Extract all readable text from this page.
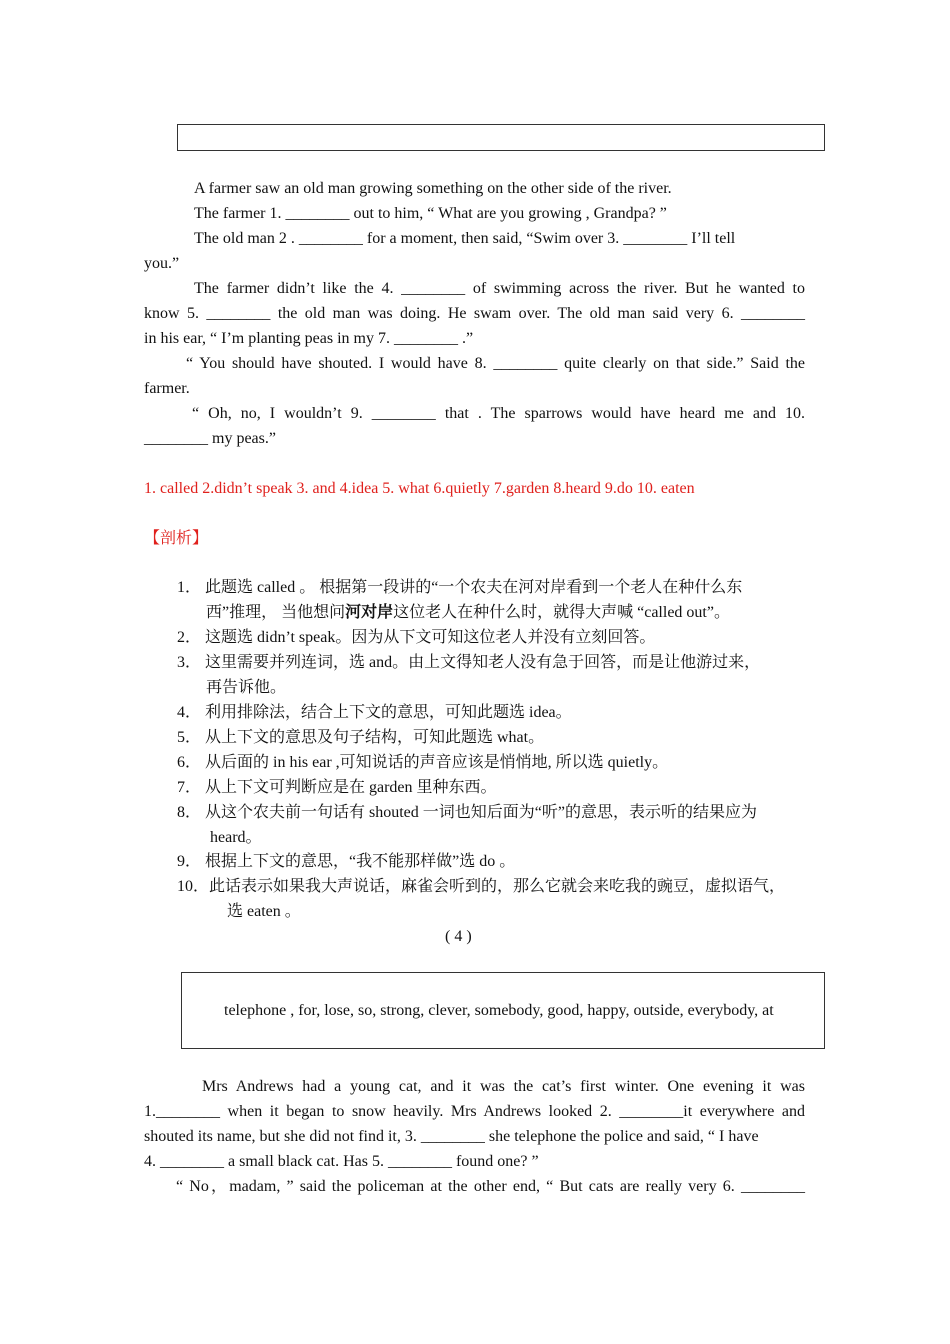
A farmer saw an old man growing something on the other side of the river.
The farmer 1. ________ out to him, “ What are you growing , Grandpa? ”
The old man 2 . ________ for a moment, then said, “Swim over 3. ________ I’ll tell
you.”
The farmer didn’t like the 4. ________ of swimming across the river. But he wanted to
know 5. ________ the old man was doing. He swam over. The old man said very 6. ________
in his ear, “ I’m planting peas in my 7. ________ .”
“ You should have shouted. I would have 8. ________ quite clearly on that side.” Said the
farmer.
“ Oh, no, I wouldn’t 9. ________ that . The sparrows would have heard me and 10.
________ my peas.”
1. called 2.didn’t speak 3. and 4.idea 5. what 6.quietly 7.garden 8.heard 9.do 10. eaten
【剖析】
1． 此题选 called 。 根据第一段讲的“一个农夫在河对岸看到一个老人在种什么东
西”推理， 当他想问河对岸这位老人在种什么时，就得大声喊 “called out”。
2． 这题选 didn’t speak。因为从下文可知这位老人并没有立刻回答。
3． 这里需要并列连词，选 and。由上文得知老人没有急于回答，而是让他游过来，
再告诉他。
4． 利用排除法，结合上下文的意思，可知此题选 idea。
5． 从上下文的意思及句子结构，可知此题选 what。
6． 从后面的 in his ear ,可知说话的声音应该是悄悄地, 所以选 quietly。
7． 从上下文可判断应是在 garden 里种东西。
8． 从这个农夫前一句话有 shouted 一词也知后面为“听”的意思，表示听的结果应为
heard。
9． 根据上下文的意思，“我不能那样做”选 do 。
10．此话表示如果我大声说话，麻雀会听到的，那么它就会来吃我的豌豆，虚拟语气，
选 eaten 。
( 4 )
telephone , for, lose, so, strong, clever, somebody, good, happy, outside, everybody, at
Mrs Andrews had a young cat, and it was the cat’s first winter. One evening it was
1.________ when it began to snow heavily. Mrs Andrews looked 2. ________it everywhere and
shouted its name, but she did not find it, 3. ________ she telephone the police and said, “ I have
4. ________ a small black cat. Has 5. ________ found one? ”
“ No，madam, ” said the policeman at the other end, “ But cats are really very 6. ________
